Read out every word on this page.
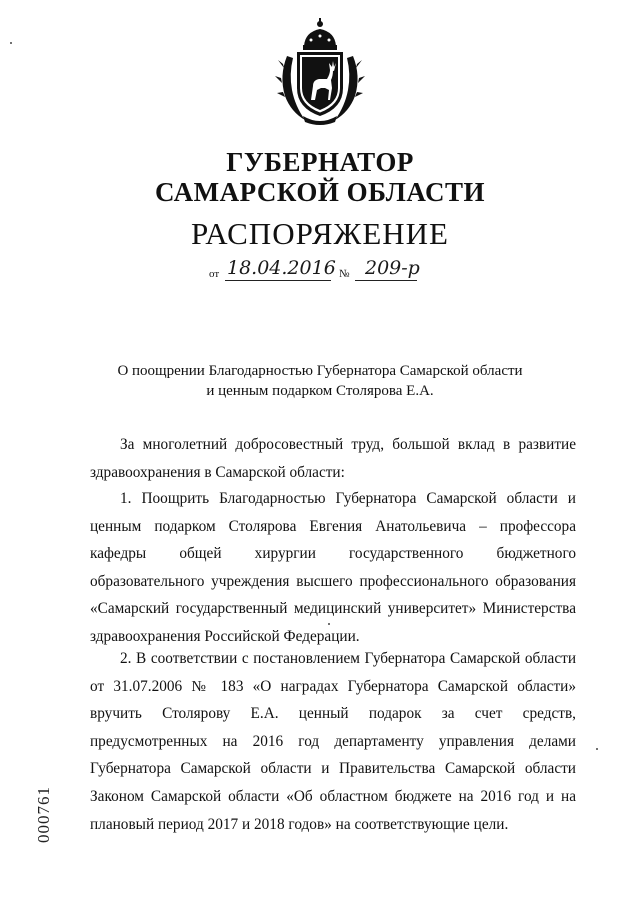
ГУБЕРНАТОР
САМАРСКОЙ ОБЛАСТИ
РАСПОРЯЖЕНИЕ
от 18.04.2016 № 209-р
О поощрении Благодарностью Губернатора Самарской области
и ценным подарком Столярова Е.А.

За многолетний добросовестный труд, большой вклад в развитие здравоохранения в Самарской области:

1. Поощрить Благодарностью Губернатора Самарской области и ценным подарком Столярова Евгения Анатольевича – профессора кафедры общей хирургии государственного бюджетного образовательного учреждения высшего профессионального образования «Самарский государственный медицинский университет» Министерства здравоохранения Российской Федерации.

2. В соответствии с постановлением Губернатора Самарской области от 31.07.2006 № 183 «О наградах Губернатора Самарской области» вручить Столярову Е.А. ценный подарок за счет средств, предусмотренных на 2016 год департаменту управления делами Губернатора Самарской области и Правительства Самарской области Законом Самарской области «Об областном бюджете на 2016 год и на плановый период 2017 и 2018 годов» на соответствующие цели.

000761
